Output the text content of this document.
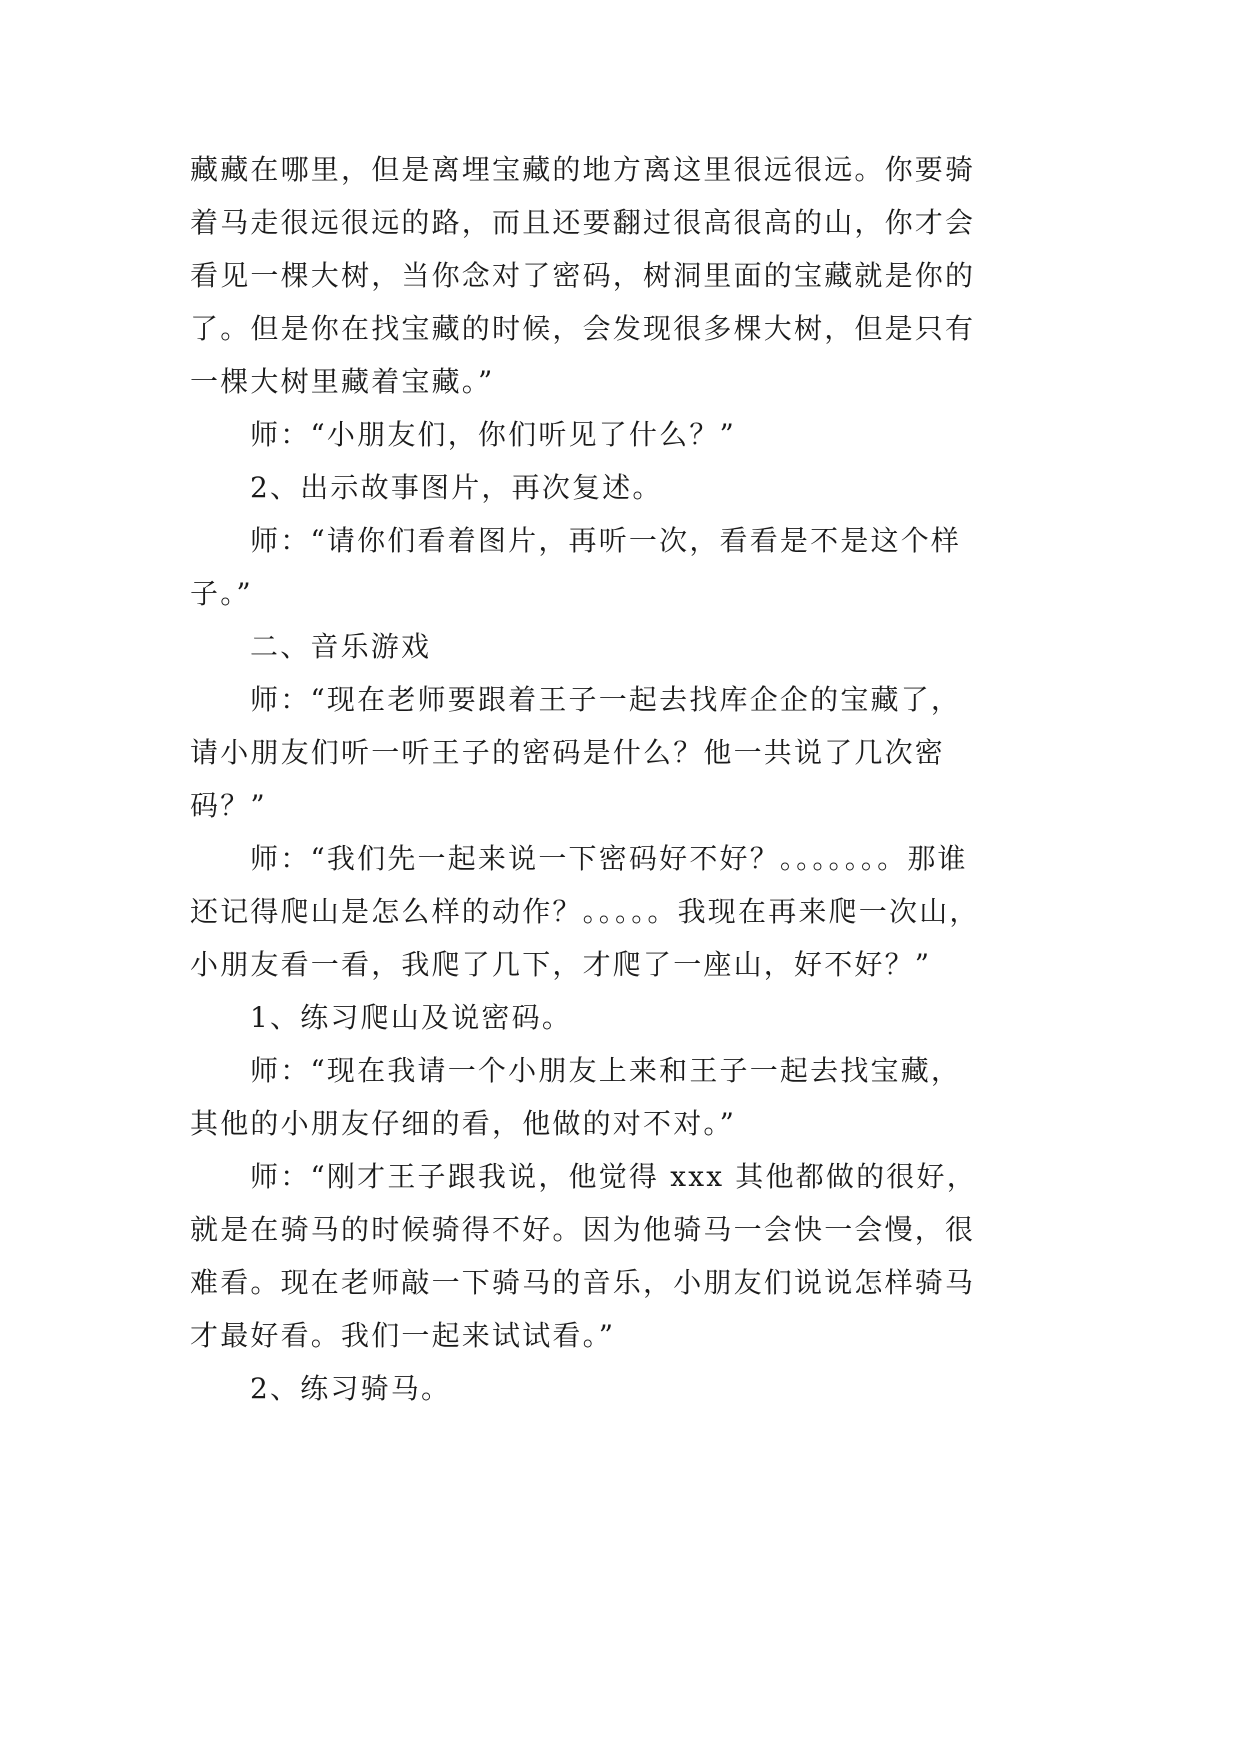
藏藏在哪里，但是离埋宝藏的地方离这里很远很远。你要骑

着马走很远很远的路，而且还要翻过很高很高的山，你才会

看见一棵大树，当你念对了密码，树洞里面的宝藏就是你的

了。但是你在找宝藏的时候，会发现很多棵大树，但是只有

一棵大树里藏着宝藏。”

师：“小朋友们，你们听见了什么？”

2、出示故事图片，再次复述。

师：“请你们看着图片，再听一次，看看是不是这个样

子。”

二、音乐游戏

师：“现在老师要跟着王子一起去找库企企的宝藏了，

请小朋友们听一听王子的密码是什么？他一共说了几次密

码？”

师：“我们先一起来说一下密码好不好？。。。。。。。那谁

还记得爬山是怎么样的动作？。。。。。我现在再来爬一次山，

小朋友看一看，我爬了几下，才爬了一座山，好不好？”

1、练习爬山及说密码。

师：“现在我请一个小朋友上来和王子一起去找宝藏，

其他的小朋友仔细的看，他做的对不对。”

师：“刚才王子跟我说，他觉得 xxx 其他都做的很好，

就是在骑马的时候骑得不好。因为他骑马一会快一会慢，很

难看。现在老师敲一下骑马的音乐，小朋友们说说怎样骑马

才最好看。我们一起来试试看。”

2、练习骑马。
